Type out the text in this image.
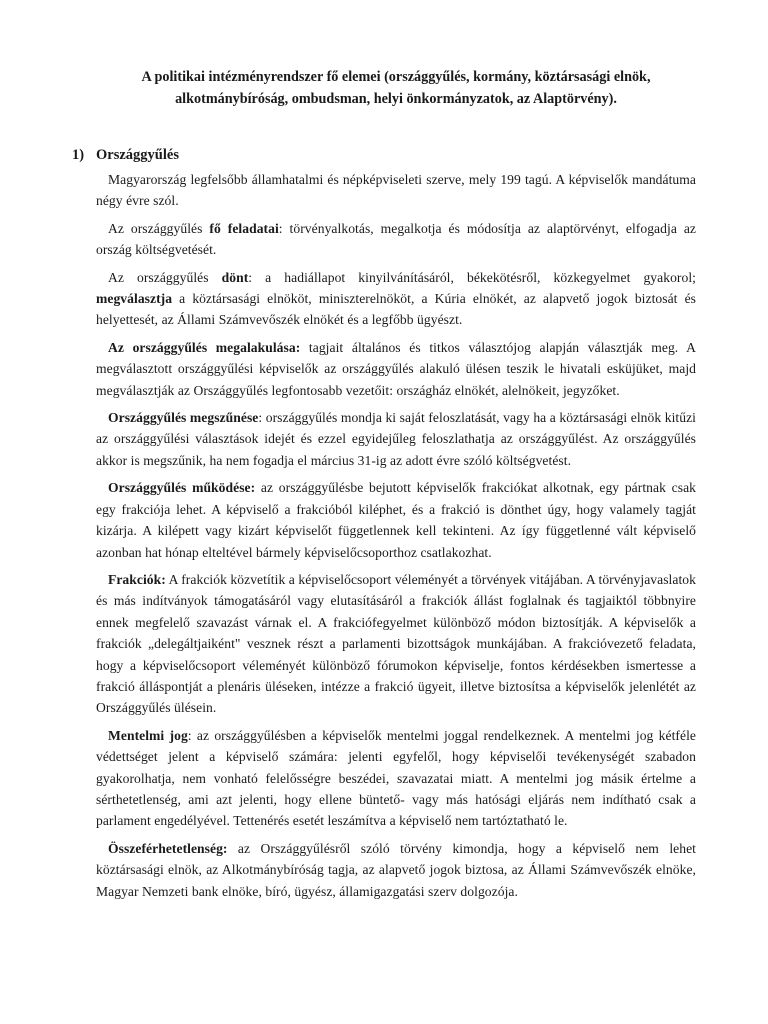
A politikai intézményrendszer fő elemei (országgyűlés, kormány, köztársasági elnök, alkotmánybíróság, ombudsman, helyi önkormányzatok, az Alaptörvény).
1) Országgyűlés

Magyarország legfelsőbb államhatalmi és népképviseleti szerve, mely 199 tagú. A képviselők mandátuma négy évre szól.

Az országgyűlés fő feladatai: törvényalkotás, megalkotja és módosítja az alaptörvényt, elfogadja az ország költségvetését.

Az országgyűlés dönt: a hadiállapot kinyilvánításáról, békekötésről, közkegyelmet gyakorol; megválasztja a köztársasági elnököt, miniszterelnököt, a Kúria elnökét, az alapvető jogok biztosát és helyettesét, az Állami Számvevőszék elnökét és a legfőbb ügyészt.

Az országgyűlés megalakulása: tagjait általános és titkos választójog alapján választják meg. A megválasztott országgyűlési képviselők az országgyűlés alakuló ülésen teszik le hivatali esküjüket, majd megválasztják az Országgyűlés legfontosabb vezetőit: országház elnökét, alelnökeit, jegyzőket.

Országgyűlés megszűnése: országgyűlés mondja ki saját feloszlatását, vagy ha a köztársasági elnök kitűzi az országgyűlési választások idejét és ezzel egyidejűleg feloszlathatja az országgyűlést. Az országgyűlés akkor is megszűnik, ha nem fogadja el március 31-ig az adott évre szóló költségvetést.

Országgyűlés működése: az országgyűlésbe bejutott képviselők frakciókat alkotnak, egy pártnak csak egy frakciója lehet. A képviselő a frakcióból kiléphet, és a frakció is dönthet úgy, hogy valamely tagját kizárja. A kilépett vagy kizárt képviselőt függetlennek kell tekinteni. Az így függetlenné vált képviselő azonban hat hónap elteltével bármely képviselőcsoporthoz csatlakozhat.

Frakciók: A frakciók közvetítik a képviselőcsoport véleményét a törvények vitájában. A törvényjavaslatok és más indítványok támogatásáról vagy elutasításáról a frakciók állást foglalnak és tagjaiktól többnyire ennek megfelelő szavazást várnak el. A frakciófegyelmet különböző módon biztosítják. A képviselők a frakciók „delegáltjaiként" vesznek részt a parlamenti bizottságok munkájában. A frakcióvezető feladata, hogy a képviselőcsoport véleményét különböző fórumokon képviselje, fontos kérdésekben ismertesse a frakció álláspontját a plenáris üléseken, intézze a frakció ügyeit, illetve biztosítsa a képviselők jelenlétét az Országgyűlés ülésein.

Mentelmi jog: az országgyűlésben a képviselők mentelmi joggal rendelkeznek. A mentelmi jog kétféle védettséget jelent a képviselő számára: jelenti egyfelől, hogy képviselői tevékenységét szabadon gyakorolhatja, nem vonható felelősségre beszédei, szavazatai miatt. A mentelmi jog másik értelme a sérthetetlenség, ami azt jelenti, hogy ellene büntető- vagy más hatósági eljárás nem indítható csak a parlament engedélyével. Tettenérés esetét leszámítva a képviselő nem tartóztatható le.

Összeférhetetlenség: az Országgyűlésről szóló törvény kimondja, hogy a képviselő nem lehet köztársasági elnök, az Alkotmánybíróság tagja, az alapvető jogok biztosa, az Állami Számvevőszék elnöke, Magyar Nemzeti bank elnöke, bíró, ügyész, államigazgatási szerv dolgozója.
